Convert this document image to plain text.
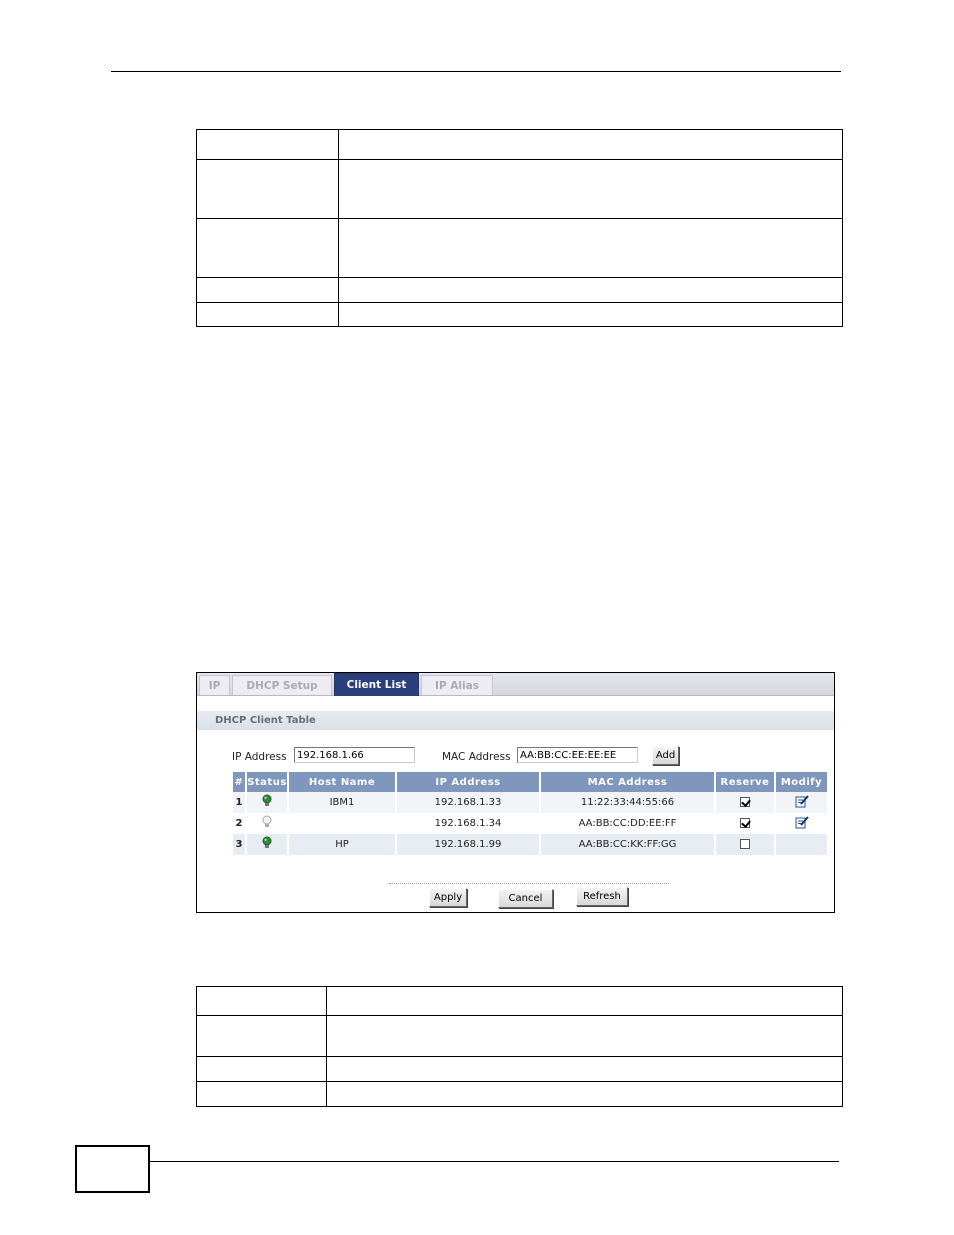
IP	DHCP Setup	Client List	IP Alias
DHCP Client Table
IP Address
192.168.1.66	MAC Address
AA:BB:CC:EE:EE:EE	Add
#	Status	Host Name	IP Address	MAC Address	Reserve	Modify
1		IBM1	192.168.1.33	11:22:33:44:55:66		
2			192.168.1.34	AA:BB:CC:DD:EE:FF		
3		HP	192.168.1.99	AA:BB:CC:KK:FF:GG		
Apply	Cancel	Refresh
